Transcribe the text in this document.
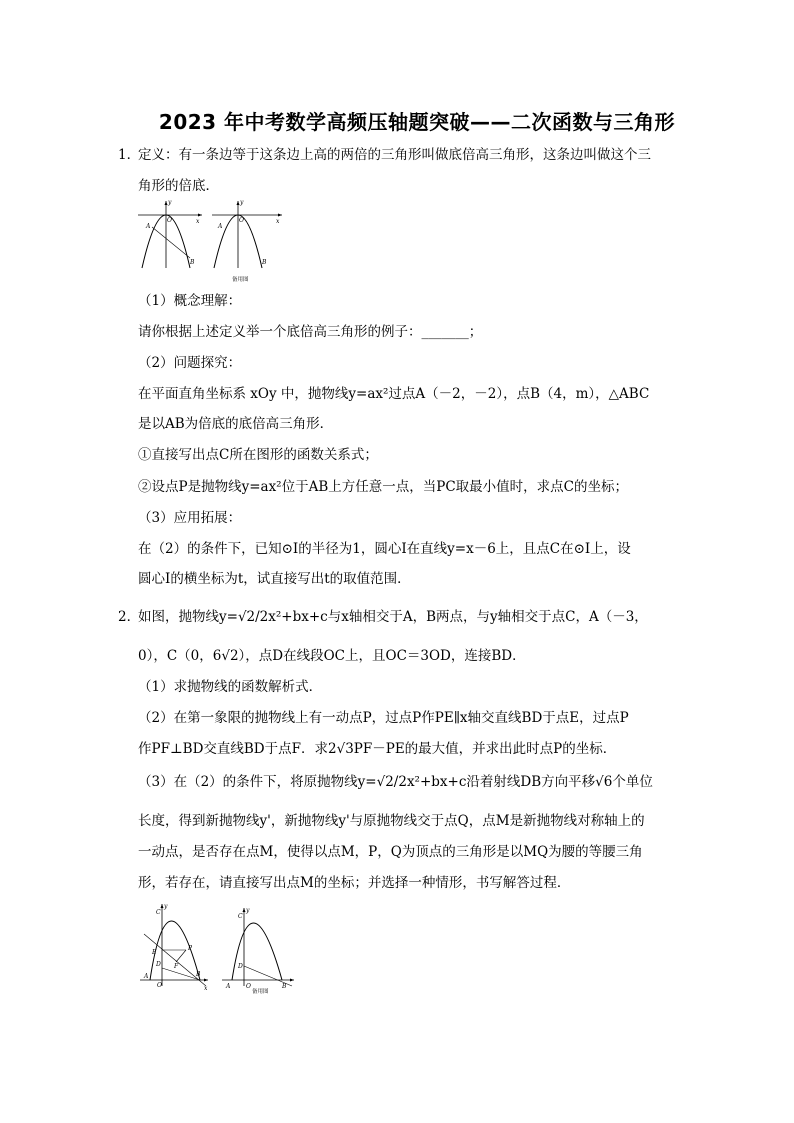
2023 年中考数学高频压轴题突破——二次函数与三角形
1．
定义：有一条边等于这条边上高的两倍的三角形叫做底倍高三角形，这条边叫做这个三
角形的倍底．
y
O	x
A
B
y
O	x
A
B
备用图
（1）概念理解：
请你根据上述定义举一个底倍高三角形的例子：_______；
（2）问题探究：
在平面直角坐标系 xOy 中，抛物线y=ax²过点A（－2，－2），点B（4，m），△ABC
是以AB为倍底的底倍高三角形．
①直接写出点C所在图形的函数关系式；
②设点P是抛物线y=ax²位于AB上方任意一点，当PC取最小值时，求点C的坐标；
（3）应用拓展：
在（2）的条件下，已知⊙I的半径为1，圆心I在直线y=x－6上，且点C在⊙I上，设
圆心I的横坐标为t，试直接写出t的取值范围．
2．
如图，抛物线y=√2/2x²+bx+c与x轴相交于A，B两点，与y轴相交于点C，A（－3，
0），C（0，6√2），点D在线段OC上，且OC＝3OD，连接BD．
（1）求抛物线的函数解析式．
（2）在第一象限的抛物线上有一动点P，过点P作PE∥x轴交直线BD于点E，过点P
作PF⊥BD交直线BD于点F．求2√3PF－PE的最大值，并求出此时点P的坐标．
（3）在（2）的条件下，将原抛物线y=√2/2x²+bx+c沿着射线DB方向平移√6个单位
长度，得到新抛物线y'，新抛物线y'与原抛物线交于点Q，点M是新抛物线对称轴上的
一动点，是否存在点M，使得以点M，P，Q为顶点的三角形是以MQ为腰的等腰三角
形，若存在，请直接写出点M的坐标；并选择一种情形，书写解答过程．
C
y
P
E
D F
A
O
B
x
C
y
D
A	O	B
备用图
